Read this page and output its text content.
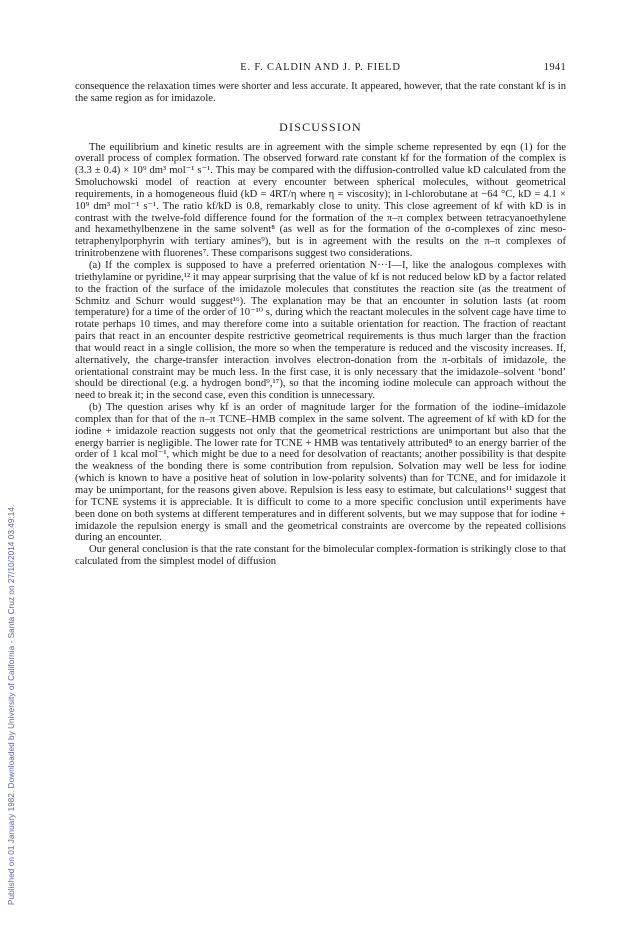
E. F. CALDIN AND J. P. FIELD	1941

consequence the relaxation times were shorter and less accurate. It appeared, however, that the rate constant kf is in the same region as for imidazole.

DISCUSSION

The equilibrium and kinetic results are in agreement with the simple scheme represented by eqn (1) for the overall process of complex formation. The observed forward rate constant kf for the formation of the complex is (3.3 ± 0.4) × 10⁹ dm³ mol⁻¹ s⁻¹. This may be compared with the diffusion-controlled value kD calculated from the Smoluchowski model of reaction at every encounter between spherical molecules, without geometrical requirements, in a homogeneous fluid (kD = 4RT/η where η = viscosity); in l-chlorobutane at −64 °C, kD = 4.1 × 10⁹ dm³ mol⁻¹ s⁻¹. The ratio kf/kD is 0.8, remarkably close to unity. This close agreement of kf with kD is in contrast with the twelve-fold difference found for the formation of the π–π complex between tetracyanoethylene and hexamethylbenzene in the same solvent⁸ (as well as for the formation of the σ-complexes of zinc meso-tetraphenylporphyrin with tertiary amines⁹), but is in agreement with the results on the π–π complexes of trinitrobenzene with fluorenes⁷. These comparisons suggest two considerations.

(a) If the complex is supposed to have a preferred orientation N···I—I, like the analogous complexes with triethylamine or pyridine,¹² it may appear surprising that the value of kf is not reduced below kD by a factor related to the fraction of the surface of the imidazole molecules that constitutes the reaction site (as the treatment of Schmitz and Schurr would suggest¹⁶). The explanation may be that an encounter in solution lasts (at room temperature) for a time of the order of 10⁻¹⁰ s, during which the reactant molecules in the solvent cage have time to rotate perhaps 10 times, and may therefore come into a suitable orientation for reaction. The fraction of reactant pairs that react in an encounter despite restrictive geometrical requirements is thus much larger than the fraction that would react in a single collision, the more so when the temperature is reduced and the viscosity increases. If, alternatively, the charge-transfer interaction involves electron-donation from the π-orbitals of imidazole, the orientational constraint may be much less. In the first case, it is only necessary that the imidazole–solvent ‘bond’ should be directional (e.g. a hydrogen bond⁹,¹⁷), so that the incoming iodine molecule can approach without the need to break it; in the second case, even this condition is unnecessary.

(b) The question arises why kf is an order of magnitude larger for the formation of the iodine–imidazole complex than for that of the π–π TCNE–HMB complex in the same solvent. The agreement of kf with kD for the iodine + imidazole reaction suggests not only that the geometrical restrictions are unimportant but also that the energy barrier is negligible. The lower rate for TCNE + HMB was tentatively attributed⁸ to an energy barrier of the order of 1 kcal mol⁻¹, which might be due to a need for desolvation of reactants; another possibility is that despite the weakness of the bonding there is some contribution from repulsion. Solvation may well be less for iodine (which is known to have a positive heat of solution in low-polarity solvents) than for TCNE, and for imidazole it may be unimportant, for the reasons given above. Repulsion is less easy to estimate, but calculations¹¹ suggest that for TCNE systems it is appreciable. It is difficult to come to a more specific conclusion until experiments have been done on both systems at different temperatures and in different solvents, but we may suppose that for iodine + imidazole the repulsion energy is small and the geometrical constraints are overcome by the repeated collisions during an encounter.

Our general conclusion is that the rate constant for the bimolecular complex-formation is strikingly close to that calculated from the simplest model of diffusion

Published on 01 January 1982. Downloaded by University of California - Santa Cruz on 27/10/2014 03:49:14.
